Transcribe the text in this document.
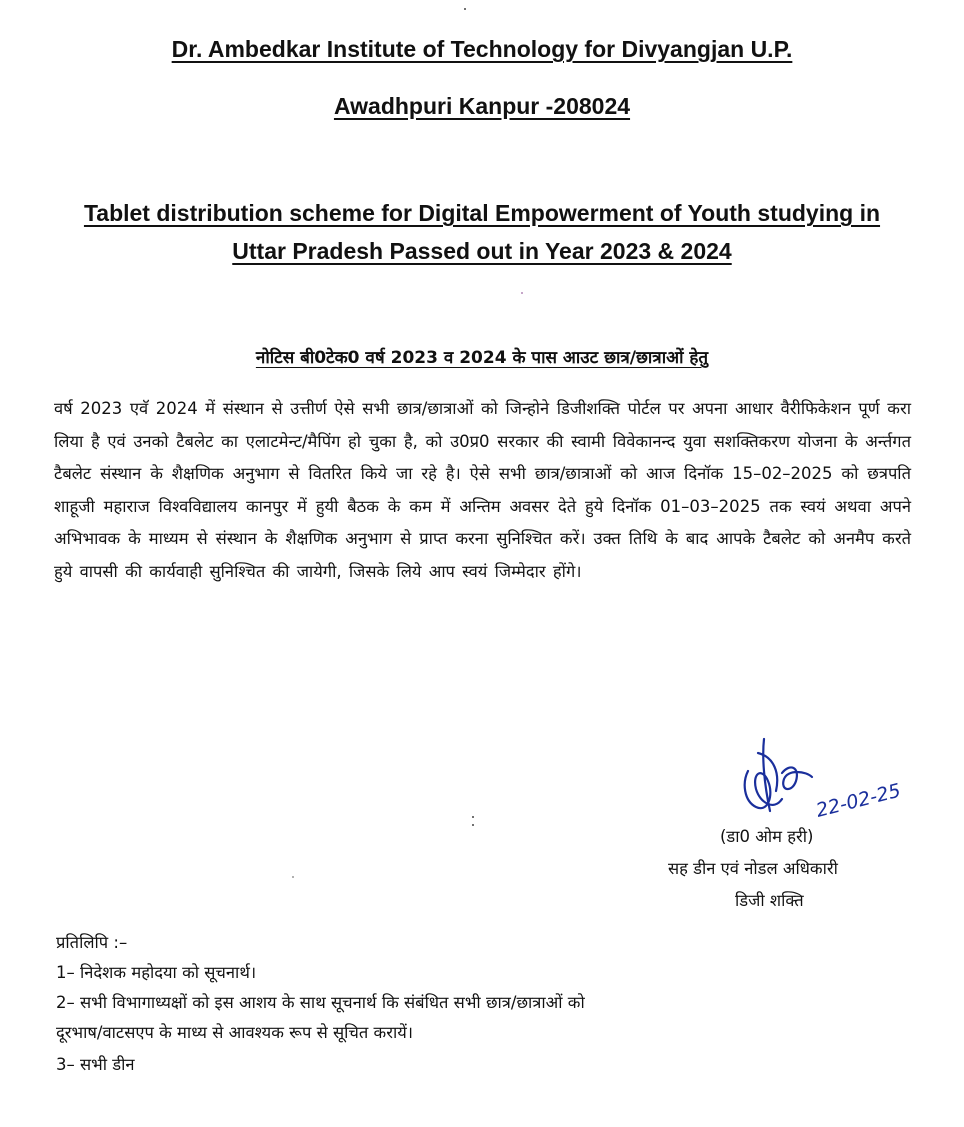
Dr. Ambedkar Institute of Technology for Divyangjan U.P.
Awadhpuri Kanpur -208024
Tablet distribution scheme for Digital Empowerment of Youth studying in
Uttar Pradesh Passed out in Year 2023 & 2024
नोटिस बी0टेक0 वर्ष 2023 व 2024 के पास आउट छात्र/छात्राओं हेतु
वर्ष 2023 एवॅ 2024 में संस्थान से उत्तीर्ण ऐसे सभी छात्र/छात्राओं को जिन्होने डिजीशक्ति पोर्टल पर अपना आधार वैरीफिकेशन पूर्ण करा लिया है एवं उनको टैबलेट का एलाटमेन्ट/मैपिंग हो चुका है, को उ0प्र0 सरकार की स्वामी विवेकानन्द युवा सशक्तिकरण योजना के अर्न्तगत टैबलेट संस्थान के शैक्षणिक अनुभाग से वितरित किये जा रहे है। ऐसे सभी छात्र/छात्राओं को आज दिनॉक 15–02–2025 को छत्रपति शाहूजी महाराज विश्वविद्यालय कानपुर में हुयी बैठक के कम में अन्तिम अवसर देते हुये दिनॉक 01–03–2025 तक स्वयं अथवा अपने अभिभावक के माध्यम से संस्थान के शैक्षणिक अनुभाग से प्राप्त करना सुनिश्चित करें। उक्त तिथि के बाद आपके टैबलेट को अनमैप करते हुये वापसी की कार्यवाही सुनिश्चित की जायेगी, जिसके लिये आप स्वयं जिम्मेदार होंगे।
22-02-25
(डा0 ओम हरी)
सह डीन एवं नोडल अधिकारी
डिजी शक्ति
प्रतिलिपि :–
1– निदेशक महोदया को सूचनार्थ।
2– सभी विभागाध्यक्षों को इस आशय के साथ सूचनार्थ कि संबंधित सभी छात्र/छात्राओं को
दूरभाष/वाटसएप के माध्य से आवश्यक रूप से सूचित करायें।
3– सभी डीन
